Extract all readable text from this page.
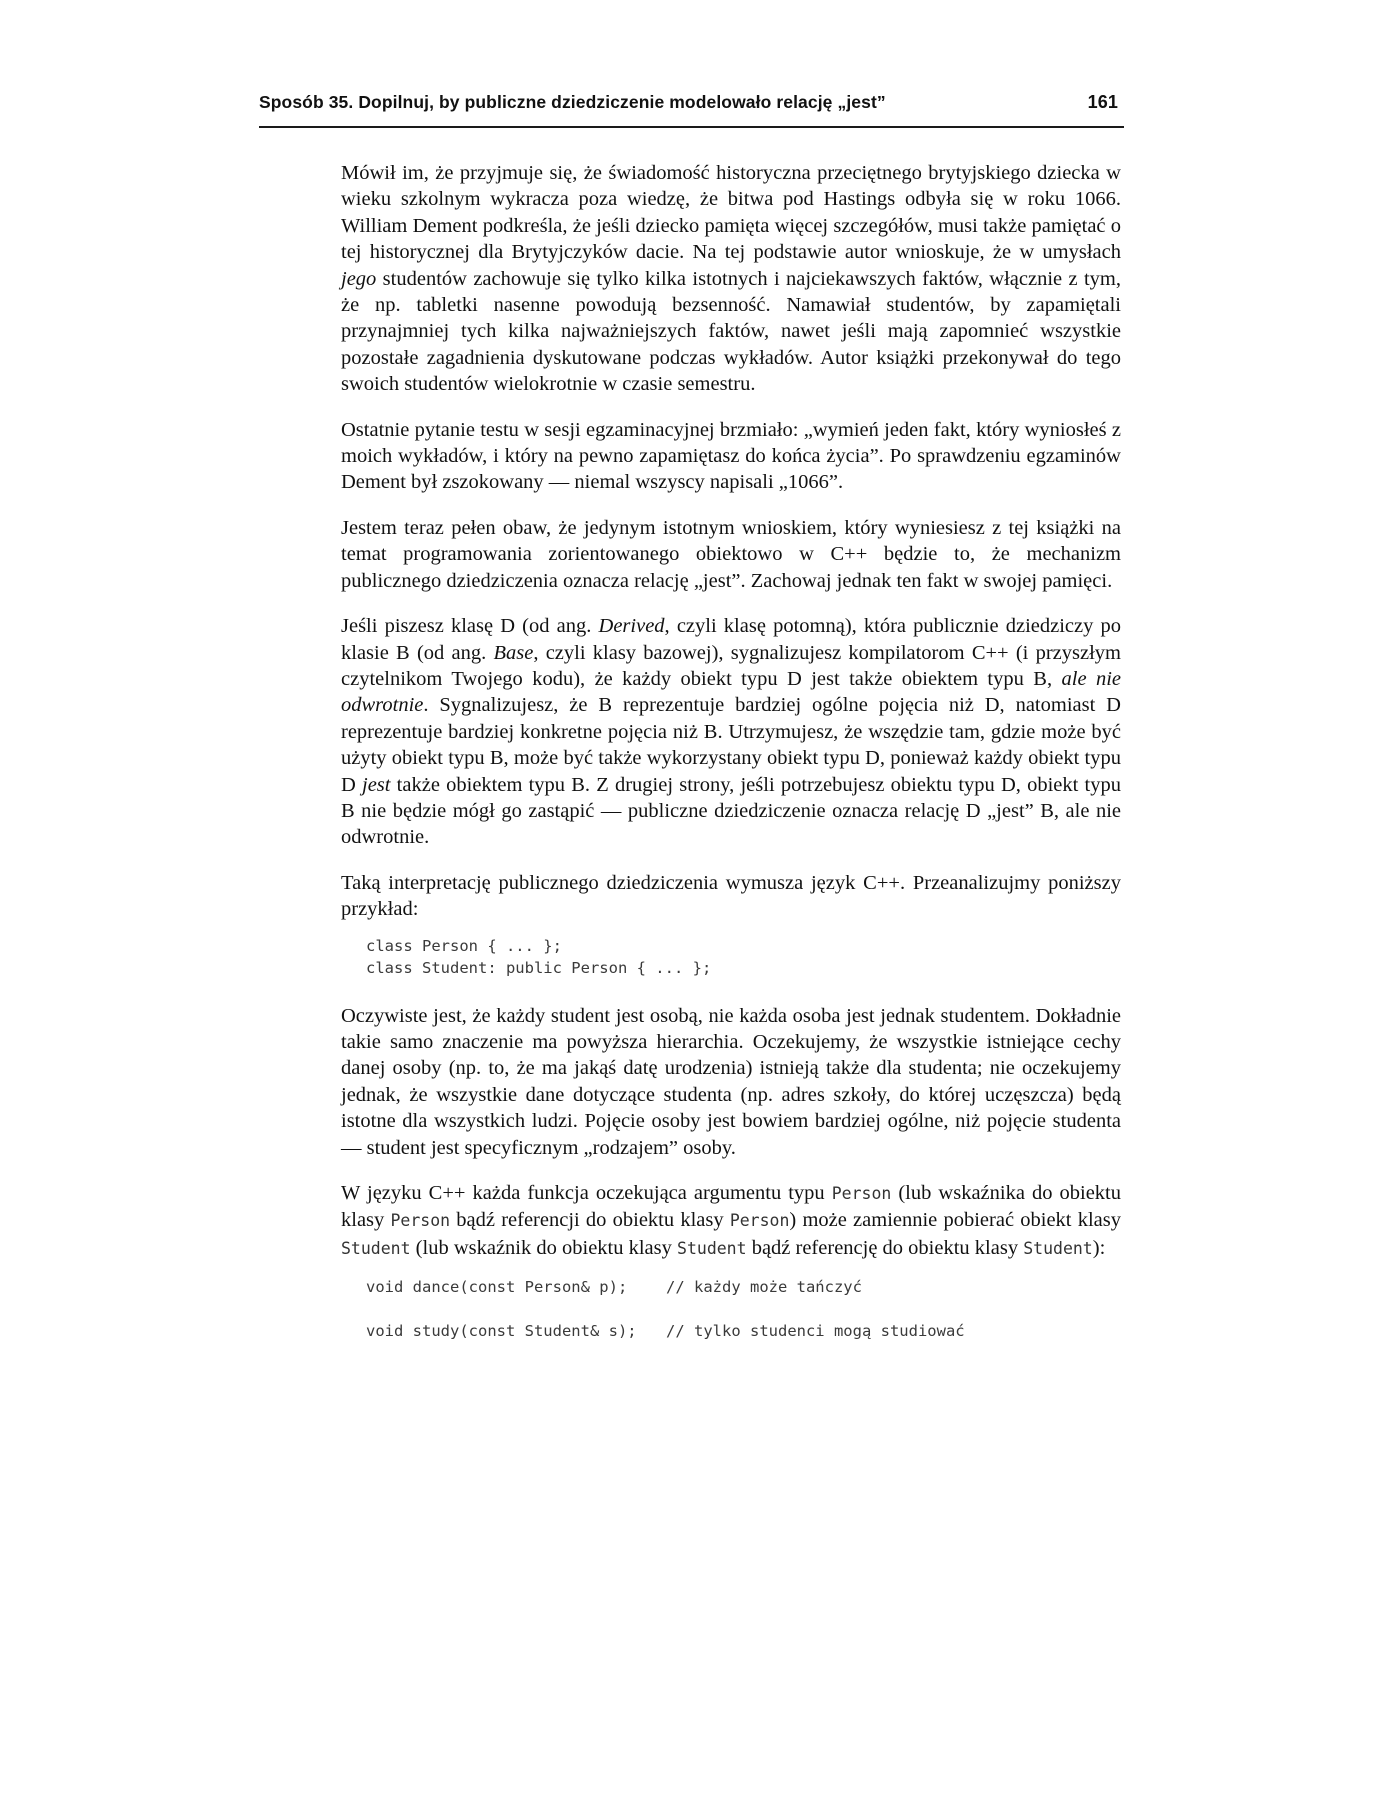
Sposób 35. Dopilnuj, by publiczne dziedziczenie modelowało relację „jest”	161

Mówił im, że przyjmuje się, że świadomość historyczna przeciętnego brytyjskiego dziecka w wieku szkolnym wykracza poza wiedzę, że bitwa pod Hastings odbyła się w roku 1066. William Dement podkreśla, że jeśli dziecko pamięta więcej szczegółów, musi także pamiętać o tej historycznej dla Brytyjczyków dacie. Na tej podstawie autor wnioskuje, że w umysłach jego studentów zachowuje się tylko kilka istotnych i najciekawszych faktów, włącznie z tym, że np. tabletki nasenne powodują bezsenność. Namawiał studentów, by zapamiętali przynajmniej tych kilka najważniejszych faktów, nawet jeśli mają zapomnieć wszystkie pozostałe zagadnienia dyskutowane podczas wykładów. Autor książki przekonywał do tego swoich studentów wielokrotnie w czasie semestru.

Ostatnie pytanie testu w sesji egzaminacyjnej brzmiało: „wymień jeden fakt, który wyniosłeś z moich wykładów, i który na pewno zapamiętasz do końca życia”. Po sprawdzeniu egzaminów Dement był zszokowany — niemal wszyscy napisali „1066”.

Jestem teraz pełen obaw, że jedynym istotnym wnioskiem, który wyniesiesz z tej książki na temat programowania zorientowanego obiektowo w C++ będzie to, że mechanizm publicznego dziedziczenia oznacza relację „jest”. Zachowaj jednak ten fakt w swojej pamięci.

Jeśli piszesz klasę D (od ang. Derived, czyli klasę potomną), która publicznie dziedziczy po klasie B (od ang. Base, czyli klasy bazowej), sygnalizujesz kompilatorom C++ (i przyszłym czytelnikom Twojego kodu), że każdy obiekt typu D jest także obiektem typu B, ale nie odwrotnie. Sygnalizujesz, że B reprezentuje bardziej ogólne pojęcia niż D, natomiast D reprezentuje bardziej konkretne pojęcia niż B. Utrzymujesz, że wszędzie tam, gdzie może być użyty obiekt typu B, może być także wykorzystany obiekt typu D, ponieważ każdy obiekt typu D jest także obiektem typu B. Z drugiej strony, jeśli potrzebujesz obiektu typu D, obiekt typu B nie będzie mógł go zastąpić — publiczne dziedziczenie oznacza relację D „jest” B, ale nie odwrotnie.

Taką interpretację publicznego dziedziczenia wymusza język C++. Przeanalizujmy poniższy przykład:

class Person { ... };
class Student: public Person { ... };

Oczywiste jest, że każdy student jest osobą, nie każda osoba jest jednak studentem. Dokładnie takie samo znaczenie ma powyższa hierarchia. Oczekujemy, że wszystkie istniejące cechy danej osoby (np. to, że ma jakąś datę urodzenia) istnieją także dla studenta; nie oczekujemy jednak, że wszystkie dane dotyczące studenta (np. adres szkoły, do której uczęszcza) będą istotne dla wszystkich ludzi. Pojęcie osoby jest bowiem bardziej ogólne, niż pojęcie studenta — student jest specyficznym „rodzajem” osoby.

W języku C++ każda funkcja oczekująca argumentu typu Person (lub wskaźnika do obiektu klasy Person bądź referencji do obiektu klasy Person) może zamiennie pobierać obiekt klasy Student (lub wskaźnik do obiektu klasy Student bądź referencję do obiektu klasy Student):

void dance(const Person& p);	// każdy może tańczyć
void study(const Student& s);	// tylko studenci mogą studiować
